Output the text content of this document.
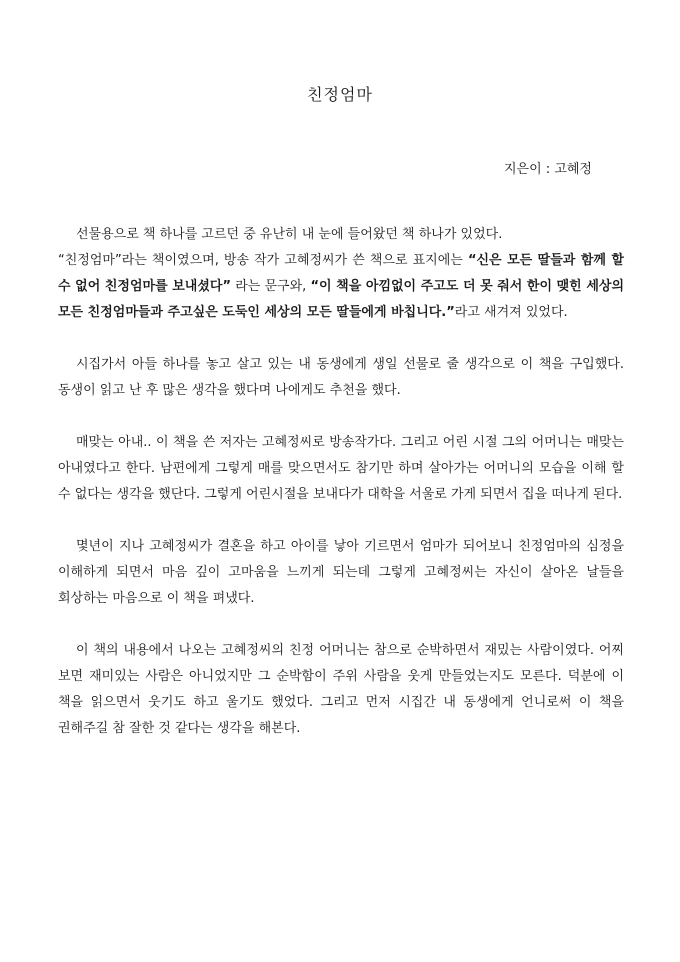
친정엄마

지은이 : 고혜정

선물용으로 책 하나를 고르던 중 유난히 내 눈에 들어왔던 책 하나가 있었다.

“친정엄마”라는 책이였으며, 방송 작가 고혜정씨가 쓴 책으로 표지에는 “신은 모든 딸들과 함께 할 수 없어 친정엄마를 보내셨다” 라는 문구와, “이 책을 아낌없이 주고도 더 못 줘서 한이 맺힌 세상의 모든 친정엄마들과 주고싶은 도둑인 세상의 모든 딸들에게 바칩니다.”라고 새겨져 있었다.

시집가서 아들 하나를 놓고 살고 있는 내 동생에게 생일 선물로 줄 생각으로 이 책을 구입했다. 동생이 읽고 난 후 많은 생각을 했다며 나에게도 추천을 했다.

매맞는 아내.. 이 책을 쓴 저자는 고혜정씨로 방송작가다. 그리고 어린 시절 그의 어머니는 매맞는 아내였다고 한다. 남편에게 그렇게 매를 맞으면서도 참기만 하며 살아가는 어머니의 모습을 이해 할 수 없다는 생각을 했단다. 그렇게 어린시절을 보내다가 대학을 서울로 가게 되면서 집을 떠나게 된다.

몇년이 지나 고혜정씨가 결혼을 하고 아이를 낳아 기르면서 엄마가 되어보니 친정엄마의 심정을 이해하게 되면서 마음 깊이 고마움을 느끼게 되는데 그렇게 고혜정씨는 자신이 살아온 날들을 회상하는 마음으로 이 책을 펴냈다.

이 책의 내용에서 나오는 고혜정씨의 친정 어머니는 참으로 순박하면서 재밌는 사람이였다. 어찌 보면 재미있는 사람은 아니었지만 그 순박함이 주위 사람을 웃게 만들었는지도 모른다. 덕분에 이 책을 읽으면서 웃기도 하고 울기도 했었다. 그리고 먼저 시집간 내 동생에게 언니로써 이 책을 권해주길 참 잘한 것 같다는 생각을 해본다.
